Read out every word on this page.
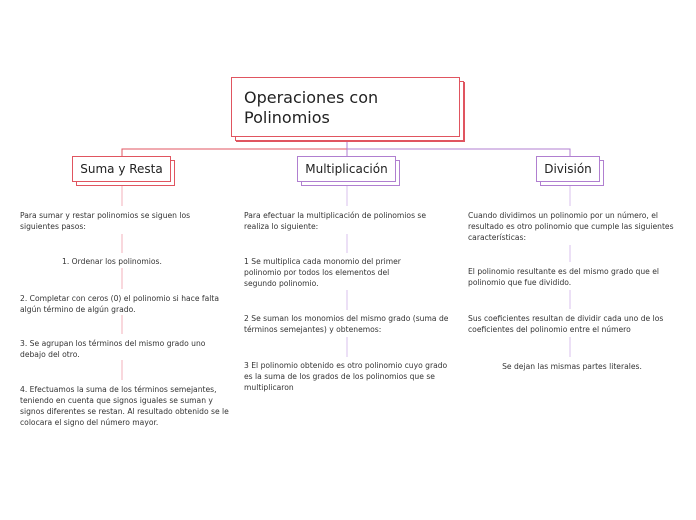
Operaciones con Polinomios
Suma y Resta	Multiplicación	División
Para sumar y restar polinomios se siguen los siguientes pasos:
1. Ordenar los polinomios.
2. Completar con ceros (0) el polinomio si hace falta algún término de algún grado.
3. Se agrupan los términos del mismo grado uno debajo del otro.
4. Efectuamos la suma de los términos semejantes, teniendo en cuenta que signos iguales se suman y signos diferentes se restan. Al resultado obtenido se le colocara el signo del número mayor.
Para efectuar la multiplicación de polinomios se realiza lo siguiente:
1 Se multiplica cada monomio del primer polinomio por todos los elementos del segundo polinomio.
2 Se suman los monomios del mismo grado (suma de términos semejantes) y obtenemos:
3 El polinomio obtenido es otro polinomio cuyo grado es la suma de los grados de los polinomios que se multiplicaron
Cuando dividimos un polinomio por un número, el resultado es otro polinomio que cumple las siguientes características:
El polinomio resultante es del mismo grado que el polinomio que fue dividido.
Sus coeficientes resultan de dividir cada uno de los coeficientes del polinomio entre el número
Se dejan las mismas partes literales.
